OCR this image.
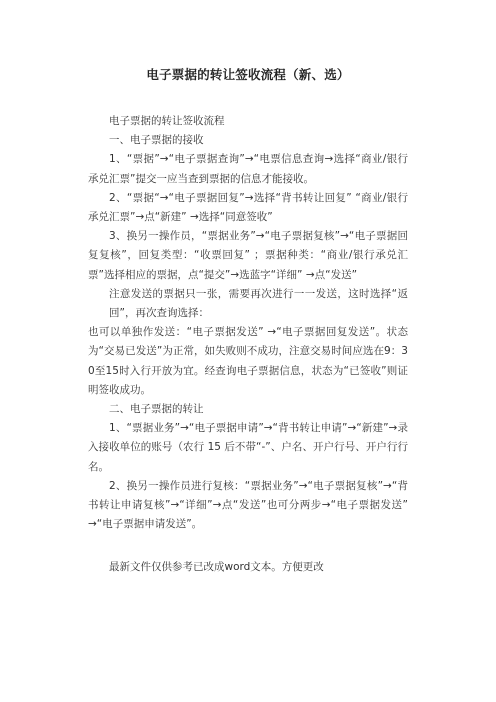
电子票据的转让签收流程（新、选）

电子票据的转让签收流程

一、电子票据的接收

1、“票据”→“电子票据查询”→“电票信息查询→选择“商业/银行承兑汇票”提交一应当查到票据的信息才能接收。

2、“票据“→“电子票据回复”→选择“背书转让回复” “商业/银行承兑汇票”→点“新建” →选择“同意签收”

3、换另一操作员，“票据业务”→“电子票据复核”→“电子票据回复复核”，回复类型：“收票回复” ；票据种类：“商业/银行承兑汇票”选择相应的票据，点“提交”→选蓝字“详细” →点“发送”

注意发送的票据只一张，需要再次进行一一发送，这时选择“返回”，再次查询选择：

也可以单独作发送：“电子票据发送” →“电子票据回复发送”。状态为“交易已发送”为正常，如失败则不成功，注意交易时间应选在9：30至15时入行开放为宜。经查询电子票据信息，状态为“已签收”则证明签收成功。

二、电子票据的转让

1、“票据业务”→“电子票据申请”→“背书转让申请”→“新建”→录入接收单位的账号（农行 15 后不带“-”、户名、开户行号、开户行行名。

2、换另一操作员进行复核：“票据业务”→“电子票据复核”→“背书转让申请复核”→“详细”→点“发送”也可分两步→“电子票据发送” →“电子票据申请发送”。

最新文件仅供参考已改成word文本。方便更改
